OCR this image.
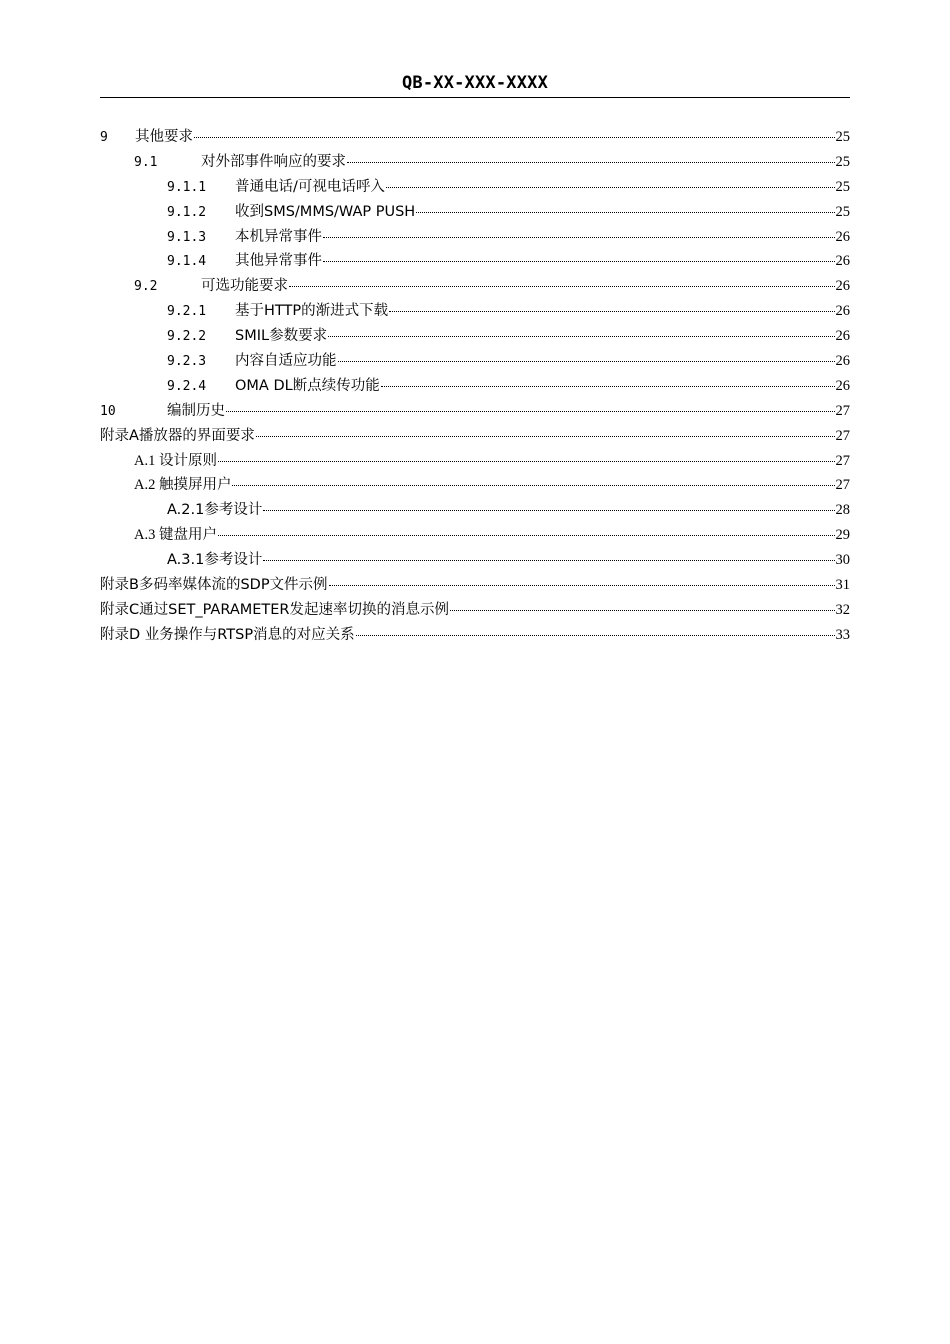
QB-XX-XXX-XXXX
9	其他要求	25
9.1	对外部事件响应的要求	25
9.1.1	普通电话/可视电话呼入	25
9.1.2	收到SMS/MMS/WAP PUSH	25
9.1.3	本机异常事件	26
9.1.4	其他异常事件	26
9.2	可选功能要求	26
9.2.1	基于HTTP的渐进式下载	26
9.2.2	SMIL参数要求	26
9.2.3	内容自适应功能	26
9.2.4	OMA DL断点续传功能	26
10	编制历史	27
附录A播放器的界面要求	27
A.1 设计原则	27
A.2 触摸屏用户	27
A.2.1参考设计	28
A.3 键盘用户	29
A.3.1参考设计	30
附录B多码率媒体流的SDP文件示例	31
附录C通过SET_PARAMETER发起速率切换的消息示例	32
附录D 业务操作与RTSP消息的对应关系	33
